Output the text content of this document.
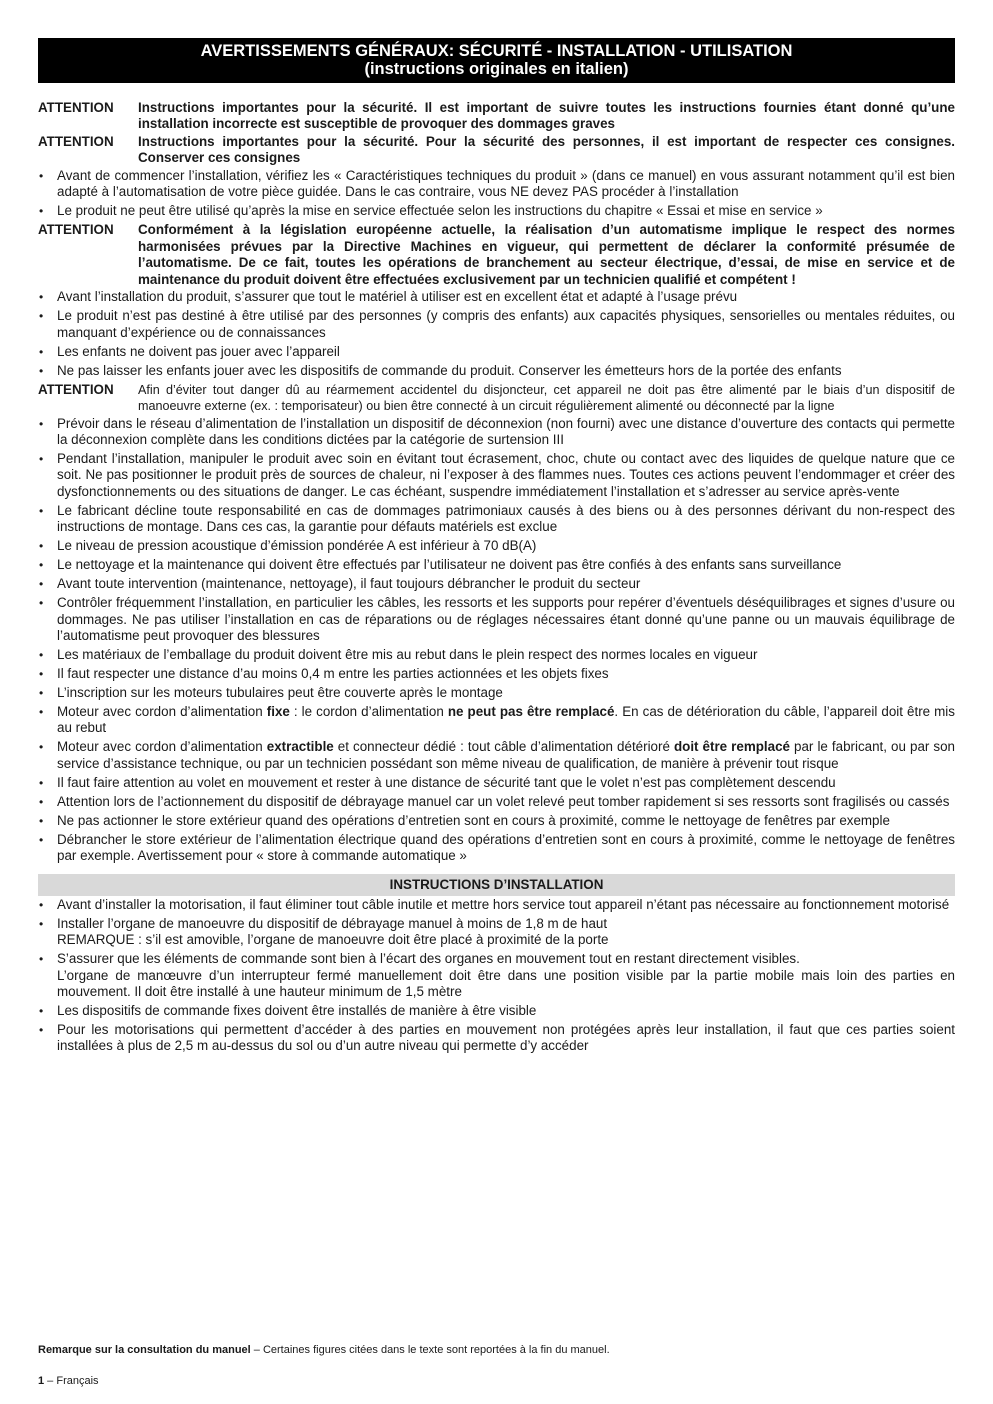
AVERTISSEMENTS GÉNÉRAUX: SÉCURITÉ - INSTALLATION - UTILISATION
(instructions originales en italien)
ATTENTION	Instructions importantes pour la sécurité. Il est important de suivre toutes les instructions fournies étant donné qu’une installation incorrecte est susceptible de provoquer des dommages graves
ATTENTION	Instructions importantes pour la sécurité. Pour la sécurité des personnes, il est important de respecter ces consignes. Conserver ces consignes
•	Avant de commencer l’installation, vérifiez les « Caractéristiques techniques du produit » (dans ce manuel) en vous assurant notamment qu’il est bien adapté à l’automatisation de votre pièce guidée. Dans le cas contraire, vous NE devez PAS procéder à l’installation
•	Le produit ne peut être utilisé qu’après la mise en service effectuée selon les instructions du chapitre « Essai et mise en service »
ATTENTION	Conformément à la législation européenne actuelle, la réalisation d’un automatisme implique le respect des normes harmonisées prévues par la Directive Machines en vigueur, qui permettent de déclarer la conformité présumée de l’automatisme. De ce fait, toutes les opérations de branchement au secteur électrique, d’essai, de mise en service et de maintenance du produit doivent être effectuées exclusivement par un technicien qualifié et compétent !
•	Avant l’installation du produit, s’assurer que tout le matériel à utiliser est en excellent état et adapté à l’usage prévu
•	Le produit n’est pas destiné à être utilisé par des personnes (y compris des enfants) aux capacités physiques, sensorielles ou mentales réduites, ou manquant d’expérience ou de connaissances
•	Les enfants ne doivent pas jouer avec l’appareil
•	Ne pas laisser les enfants jouer avec les dispositifs de commande du produit. Conserver les émetteurs hors de la portée des enfants
ATTENTION	Afin d’éviter tout danger dû au réarmement accidentel du disjoncteur, cet appareil ne doit pas être alimenté par le biais d’un dispositif de manoeuvre externe (ex. : temporisateur) ou bien être connecté à un circuit régulièrement alimenté ou déconnecté par la ligne
•	Prévoir dans le réseau d’alimentation de l’installation un dispositif de déconnexion (non fourni) avec une distance d’ouverture des contacts qui permette la déconnexion complète dans les conditions dictées par la catégorie de surtension III
•	Pendant l’installation, manipuler le produit avec soin en évitant tout écrasement, choc, chute ou contact avec des liquides de quelque nature que ce soit. Ne pas positionner le produit près de sources de chaleur, ni l’exposer à des flammes nues. Toutes ces actions peuvent l’endommager et créer des dysfonctionnements ou des situations de danger. Le cas échéant, suspendre immédiatement l’installation et s’adresser au service après-vente
•	Le fabricant décline toute responsabilité en cas de dommages patrimoniaux causés à des biens ou à des personnes dérivant du non-respect des instructions de montage. Dans ces cas, la garantie pour défauts matériels est exclue
•	Le niveau de pression acoustique d’émission pondérée A est inférieur à 70 dB(A)
•	Le nettoyage et la maintenance qui doivent être effectués par l’utilisateur ne doivent pas être confiés à des enfants sans surveillance
•	Avant toute intervention (maintenance, nettoyage), il faut toujours débrancher le produit du secteur
•	Contrôler fréquemment l’installation, en particulier les câbles, les ressorts et les supports pour repérer d’éventuels déséquilibrages et signes d’usure ou dommages. Ne pas utiliser l’installation en cas de réparations ou de réglages nécessaires étant donné qu’une panne ou un mauvais équilibrage de l’automatisme peut provoquer des blessures
•	Les matériaux de l’emballage du produit doivent être mis au rebut dans le plein respect des normes locales en vigueur
•	Il faut respecter une distance d’au moins 0,4 m entre les parties actionnées et les objets fixes
•	L’inscription sur les moteurs tubulaires peut être couverte après le montage
•	Moteur avec cordon d’alimentation fixe : le cordon d’alimentation ne peut pas être remplacé. En cas de détérioration du câble, l’appareil doit être mis au rebut
•	Moteur avec cordon d’alimentation extractible et connecteur dédié : tout câble d’alimentation détérioré doit être remplacé par le fabricant, ou par son service d’assistance technique, ou par un technicien possédant son même niveau de qualification, de manière à prévenir tout risque
•	Il faut faire attention au volet en mouvement et rester à une distance de sécurité tant que le volet n’est pas complètement descendu
•	Attention lors de l’actionnement du dispositif de débrayage manuel car un volet relevé peut tomber rapidement si ses ressorts sont fragilisés ou cassés
•	Ne pas actionner le store extérieur quand des opérations d’entretien sont en cours à proximité, comme le nettoyage de fenêtres par exemple
•	Débrancher le store extérieur de l’alimentation électrique quand des opérations d’entretien sont en cours à proximité, comme le nettoyage de fenêtres par exemple. Avertissement pour « store à commande automatique »
INSTRUCTIONS D’INSTALLATION
•	Avant d’installer la motorisation, il faut éliminer tout câble inutile et mettre hors service tout appareil n’étant pas nécessaire au fonctionnement motorisé
•	Installer l’organe de manoeuvre du dispositif de débrayage manuel à moins de 1,8 m de haut
REMARQUE : s’il est amovible, l’organe de manoeuvre doit être placé à proximité de la porte
•	S’assurer que les éléments de commande sont bien à l’écart des organes en mouvement tout en restant directement visibles.
L’organe de manœuvre d’un interrupteur fermé manuellement doit être dans une position visible par la partie mobile mais loin des parties en mouvement. Il doit être installé à une hauteur minimum de 1,5 mètre
•	Les dispositifs de commande fixes doivent être installés de manière à être visible
•	Pour les motorisations qui permettent d’accéder à des parties en mouvement non protégées après leur installation, il faut que ces parties soient installées à plus de 2,5 m au-dessus du sol ou d’un autre niveau qui permette d’y accéder
Remarque sur la consultation du manuel – Certaines figures citées dans le texte sont reportées à la fin du manuel.
1 – Français
